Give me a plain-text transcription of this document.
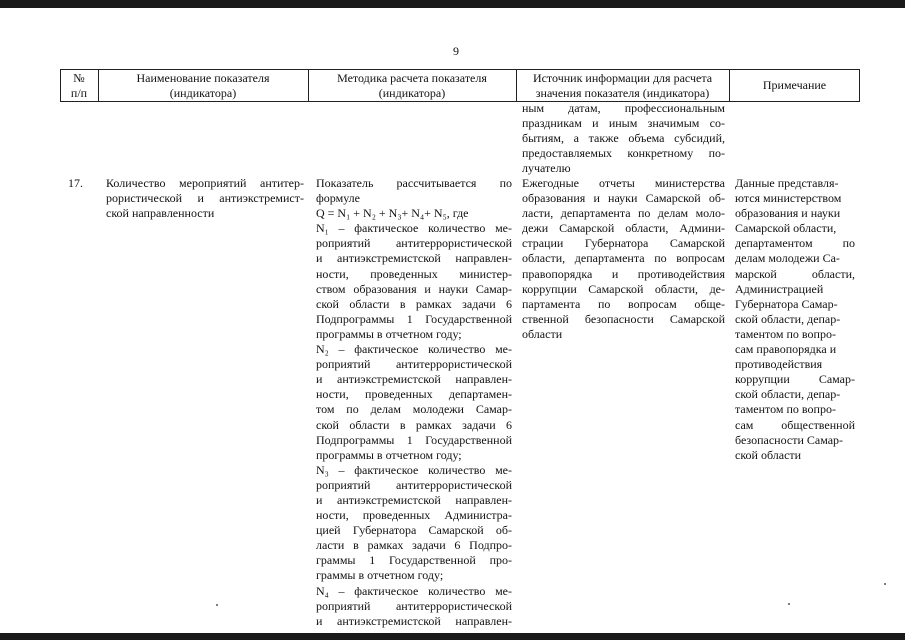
9
№
п/п
Наименование показателя
(индикатора)
Методика расчета показателя
(индикатора)
Источник информации для расчета
значения показателя (индикатора)
Примечание
ным датам, профессиональным
праздникам и иным значимым со-
бытиям, а также объема субсидий,
предоставляемых конкретному по-
лучателю
17.	Количество мероприятий антитер-
рористической и антиэкстремист-
ской направленности
Показатель рассчитывается по
формуле
Q = N₁ + N₂ + N₃+ N₄+ N₅, где
N₁ – фактическое количество ме-
роприятий антитеррористической
и антиэкстремистской направлен-
ности, проведенных министер-
ством образования и науки Самар-
ской области в рамках задачи 6
Подпрограммы 1 Государственной
программы в отчетном году;
N₂ – фактическое количество ме-
роприятий антитеррористической
и антиэкстремистской направлен-
ности, проведенных департамен-
том по делам молодежи Самар-
ской области в рамках задачи 6
Подпрограммы 1 Государственной
программы в отчетном году;
N₃ – фактическое количество ме-
роприятий антитеррористической
и антиэкстремистской направлен-
ности, проведенных Администра-
цией Губернатора Самарской об-
ласти в рамках задачи 6 Подпро-
граммы 1 Государственной про-
граммы в отчетном году;
N₄ – фактическое количество ме-
роприятий антитеррористической
и антиэкстремистской направлен-
Ежегодные отчеты министерства
образования и науки Самарской об-
ласти, департамента по делам моло-
дежи Самарской области, Админи-
страции Губернатора Самарской
области, департамента по вопросам
правопорядка и противодействия
коррупции Самарской области, де-
партамента по вопросам обще-
ственной безопасности Самарской
области
Данные представля-
ются министерством
образования и науки
Самарской области,
департаментом по
делам молодежи Са-
марской области,
Администрацией
Губернатора Самар-
ской области, депар-
таментом по вопро-
сам правопорядка и
противодействия
коррупции Самар-
ской области, депар-
таментом по вопро-
сам общественной
безопасности Самар-
ской области
